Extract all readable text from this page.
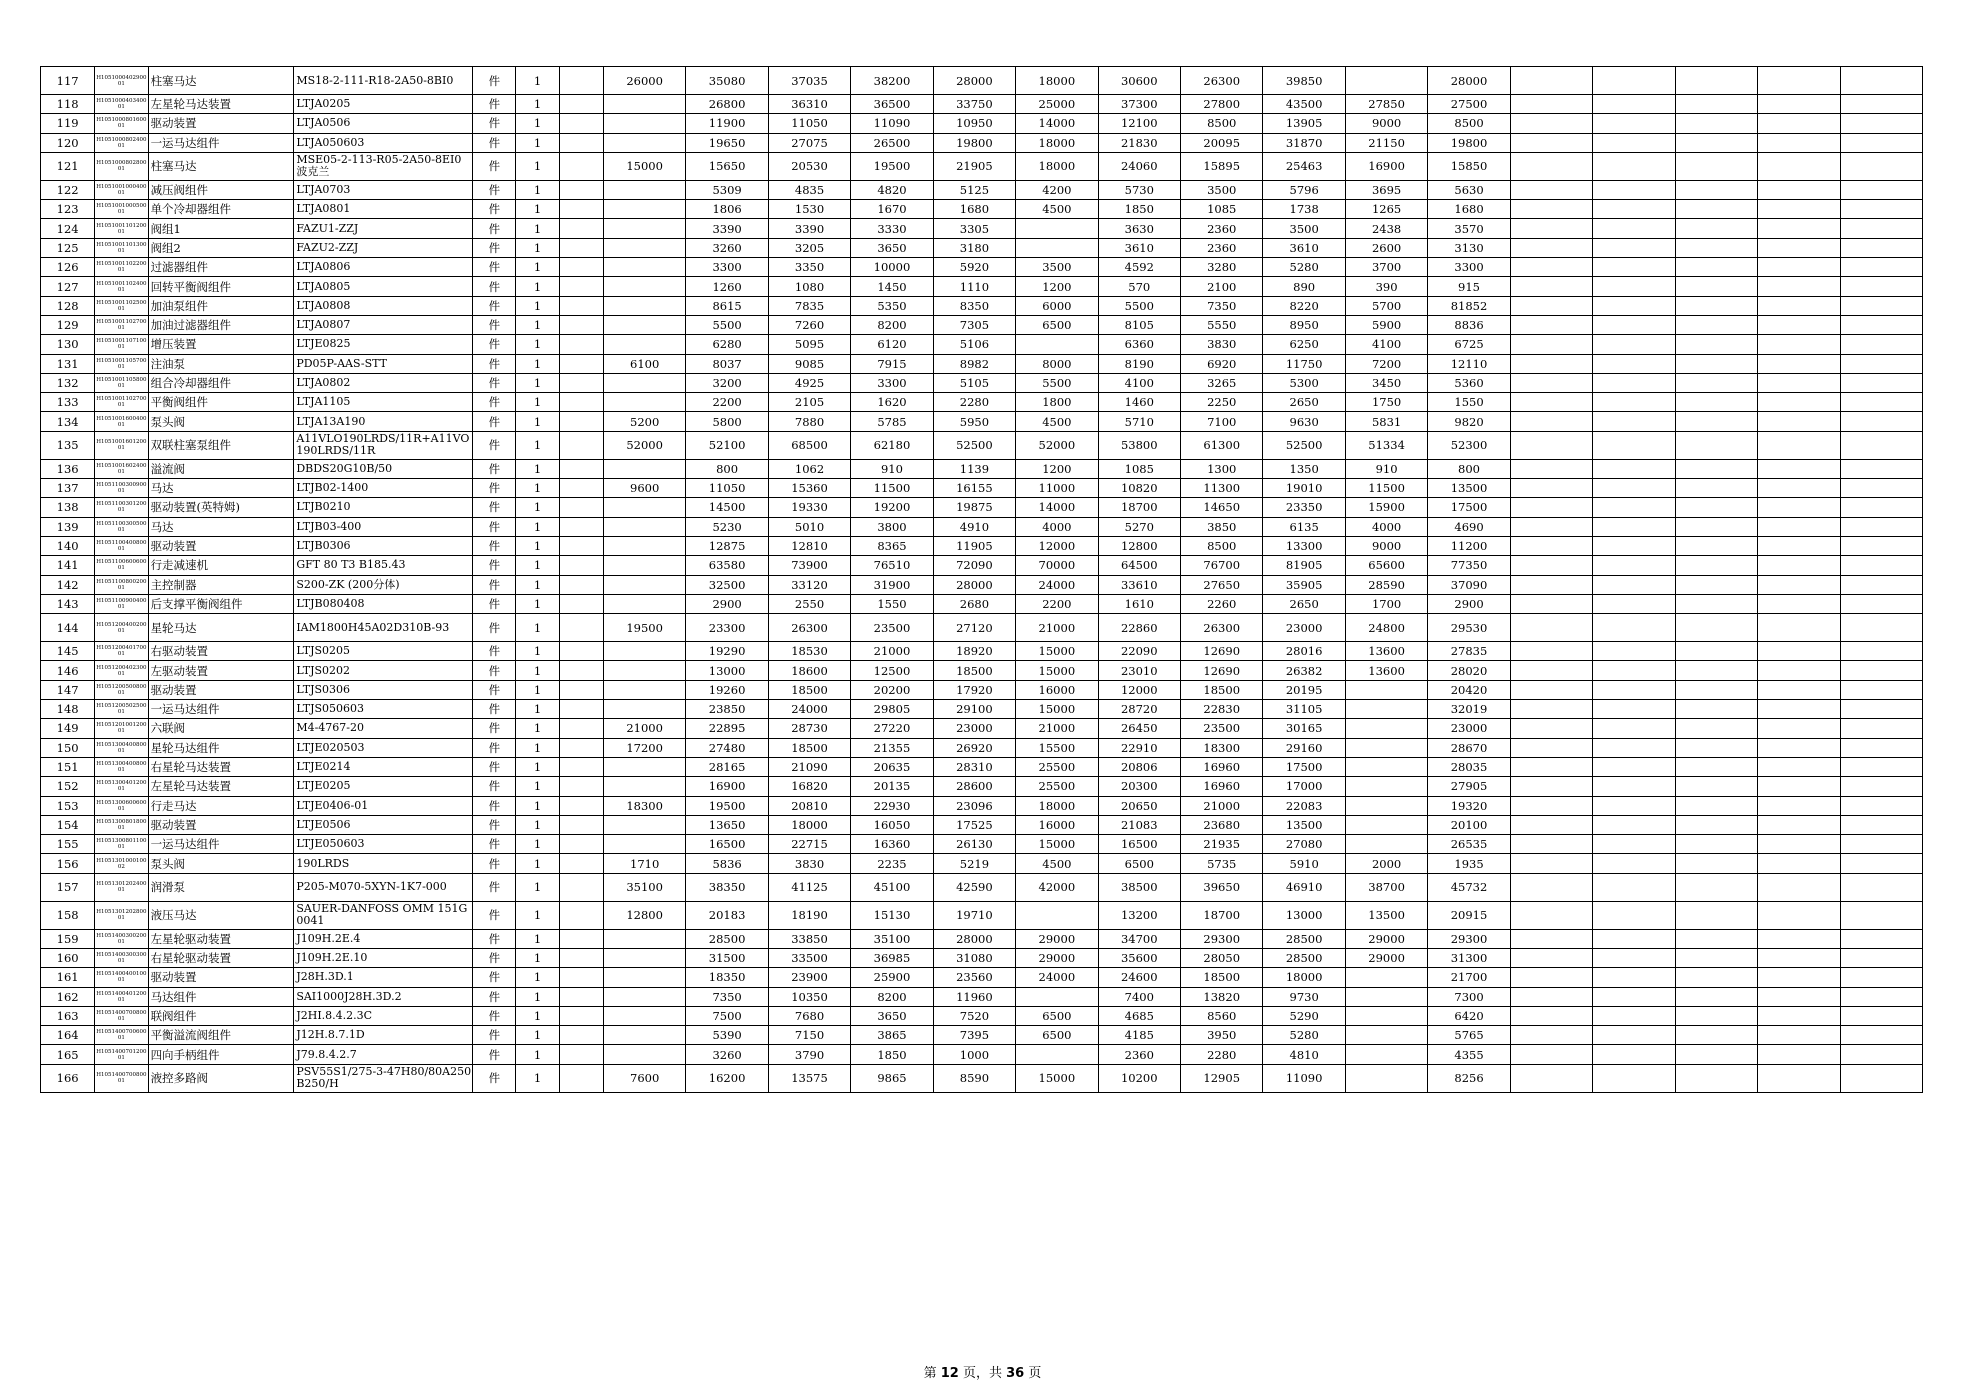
117	H105100040290001	柱塞马达	MS18-2-111-R18-2A50-8BI0	件	1		26000	35080	37035	38200	28000	18000	30600	26300	39850		28000					
118	H105100040340001	左星轮马达装置	LTJA0205	件	1			26800	36310	36500	33750	25000	37300	27800	43500	27850	27500					
119	H105100080160001	驱动装置	LTJA0506	件	1			11900	11050	11090	10950	14000	12100	8500	13905	9000	8500					
120	H105100080240001	一运马达组件	LTJA050603	件	1			19650	27075	26500	19800	18000	21830	20095	31870	21150	19800					
121	H105100080280001	柱塞马达	MSE05-2-113-R05-2A50-8EI0波克兰	件	1		15000	15650	20530	19500	21905	18000	24060	15895	25463	16900	15850					
122	H105100100040001	减压阀组件	LTJA0703	件	1			5309	4835	4820	5125	4200	5730	3500	5796	3695	5630					
123	H105100100050001	单个冷却器组件	LTJA0801	件	1			1806	1530	1670	1680	4500	1850	1085	1738	1265	1680					
124	H105100110120001	阀组1	FAZU1-ZZJ	件	1			3390	3390	3330	3305		3630	2360	3500	2438	3570					
125	H105100110130001	阀组2	FAZU2-ZZJ	件	1			3260	3205	3650	3180		3610	2360	3610	2600	3130					
126	H105100110220001	过滤器组件	LTJA0806	件	1			3300	3350	10000	5920	3500	4592	3280	5280	3700	3300					
127	H105100110240001	回转平衡阀组件	LTJA0805	件	1			1260	1080	1450	1110	1200	570	2100	890	390	915					
128	H105100110250001	加油泵组件	LTJA0808	件	1			8615	7835	5350	8350	6000	5500	7350	8220	5700	81852					
129	H105100110270001	加油过滤器组件	LTJA0807	件	1			5500	7260	8200	7305	6500	8105	5550	8950	5900	8836					
130	H105100110710001	增压装置	LTJE0825	件	1			6280	5095	6120	5106		6360	3830	6250	4100	6725					
131	H105100110570001	注油泵	PD05P-AAS-STT	件	1		6100	8037	9085	7915	8982	8000	8190	6920	11750	7200	12110					
132	H105100110580001	组合冷却器组件	LTJA0802	件	1			3200	4925	3300	5105	5500	4100	3265	5300	3450	5360					
133	H105100110270001	平衡阀组件	LTJA1105	件	1			2200	2105	1620	2280	1800	1460	2250	2650	1750	1550					
134	H105100160040001	泵头阀	LTJA13A190	件	1		5200	5800	7880	5785	5950	4500	5710	7100	9630	5831	9820					
135	H105100160120001	双联柱塞泵组件	A11VLO190LRDS/11R+A11VO190LRDS/11R	件	1		52000	52100	68500	62180	52500	52000	53800	61300	52500	51334	52300					
136	H105100160240001	溢流阀	DBDS20G10B/50	件	1			800	1062	910	1139	1200	1085	1300	1350	910	800					
137	H105110030090001	马达	LTJB02-1400	件	1		9600	11050	15360	11500	16155	11000	10820	11300	19010	11500	13500					
138	H105110030120001	驱动装置(英特姆)	LTJB0210	件	1			14500	19330	19200	19875	14000	18700	14650	23350	15900	17500					
139	H105110030050001	马达	LTJB03-400	件	1			5230	5010	3800	4910	4000	5270	3850	6135	4000	4690					
140	H105110040080001	驱动装置	LTJB0306	件	1			12875	12810	8365	11905	12000	12800	8500	13300	9000	11200					
141	H105110060060001	行走减速机	GFT 80 T3 B185.43	件	1			63580	73900	76510	72090	70000	64500	76700	81905	65600	77350					
142	H105110080020001	主控制器	S200-ZK (200分体)	件	1			32500	33120	31900	28000	24000	33610	27650	35905	28590	37090					
143	H105110090040001	后支撑平衡阀组件	LTJB080408	件	1			2900	2550	1550	2680	2200	1610	2260	2650	1700	2900					
144	H105120040020001	星轮马达	IAM1800H45A02D310B-93	件	1		19500	23300	26300	23500	27120	21000	22860	26300	23000	24800	29530					
145	H105120040170001	右驱动装置	LTJS0205	件	1			19290	18530	21000	18920	15000	22090	12690	28016	13600	27835					
146	H105120040230001	左驱动装置	LTJS0202	件	1			13000	18600	12500	18500	15000	23010	12690	26382	13600	28020					
147	H105120050080001	驱动装置	LTJS0306	件	1			19260	18500	20200	17920	16000	12000	18500	20195		20420					
148	H105120050250001	一运马达组件	LTJS050603	件	1			23850	24000	29805	29100	15000	28720	22830	31105		32019					
149	H105120100120001	六联阀	M4-4767-20	件	1		21000	22895	28730	27220	23000	21000	26450	23500	30165		23000					
150	H105130040080001	星轮马达组件	LTJE020503	件	1		17200	27480	18500	21355	26920	15500	22910	18300	29160		28670					
151	H105130040080001	右星轮马达装置	LTJE0214	件	1			28165	21090	20635	28310	25500	20806	16960	17500		28035					
152	H105130040120001	左星轮马达装置	LTJE0205	件	1			16900	16820	20135	28600	25500	20300	16960	17000		27905					
153	H105130060060001	行走马达	LTJE0406-01	件	1		18300	19500	20810	22930	23096	18000	20650	21000	22083		19320					
154	H105130080180001	驱动装置	LTJE0506	件	1			13650	18000	16050	17525	16000	21083	23680	13500		20100					
155	H105130080110001	一运马达组件	LTJE050603	件	1			16500	22715	16360	26130	15000	16500	21935	27080		26535					
156	H105130100010002	泵头阀	190LRDS	件	1		1710	5836	3830	2235	5219	4500	6500	5735	5910	2000	1935					
157	H105130120240001	润滑泵	P205-M070-5XYN-1K7-000	件	1		35100	38350	41125	45100	42590	42000	38500	39650	46910	38700	45732					
158	H105130120280001	液压马达	SAUER-DANFOSS OMM 151G0041	件	1		12800	20183	18190	15130	19710		13200	18700	13000	13500	20915					
159	H105140030020001	左星轮驱动装置	J109H.2E.4	件	1			28500	33850	35100	28000	29000	34700	29300	28500	29000	29300					
160	H105140030030001	右星轮驱动装置	J109H.2E.10	件	1			31500	33500	36985	31080	29000	35600	28050	28500	29000	31300					
161	H105140040010001	驱动装置	J28H.3D.1	件	1			18350	23900	25900	23560	24000	24600	18500	18000		21700					
162	H105140040120001	马达组件	SAI1000J28H.3D.2	件	1			7350	10350	8200	11960		7400	13820	9730		7300					
163	H105140070080001	联阀组件	J2HⅠ.8.4.2.3C	件	1			7500	7680	3650	7520	6500	4685	8560	5290		6420					
164	H105140070060001	平衡溢流阀组件	J12H.8.7.1D	件	1			5390	7150	3865	7395	6500	4185	3950	5280		5765					
165	H105140070120001	四向手柄组件	J79.8.4.2.7	件	1			3260	3790	1850	1000		2360	2280	4810		4355					
166	H105140070080001	液控多路阀	PSV55S1/275-3-47H80/80A250B250/H	件	1		7600	16200	13575	9865	8590	15000	10200	12905	11090		8256					
第 12 页，共 36 页
